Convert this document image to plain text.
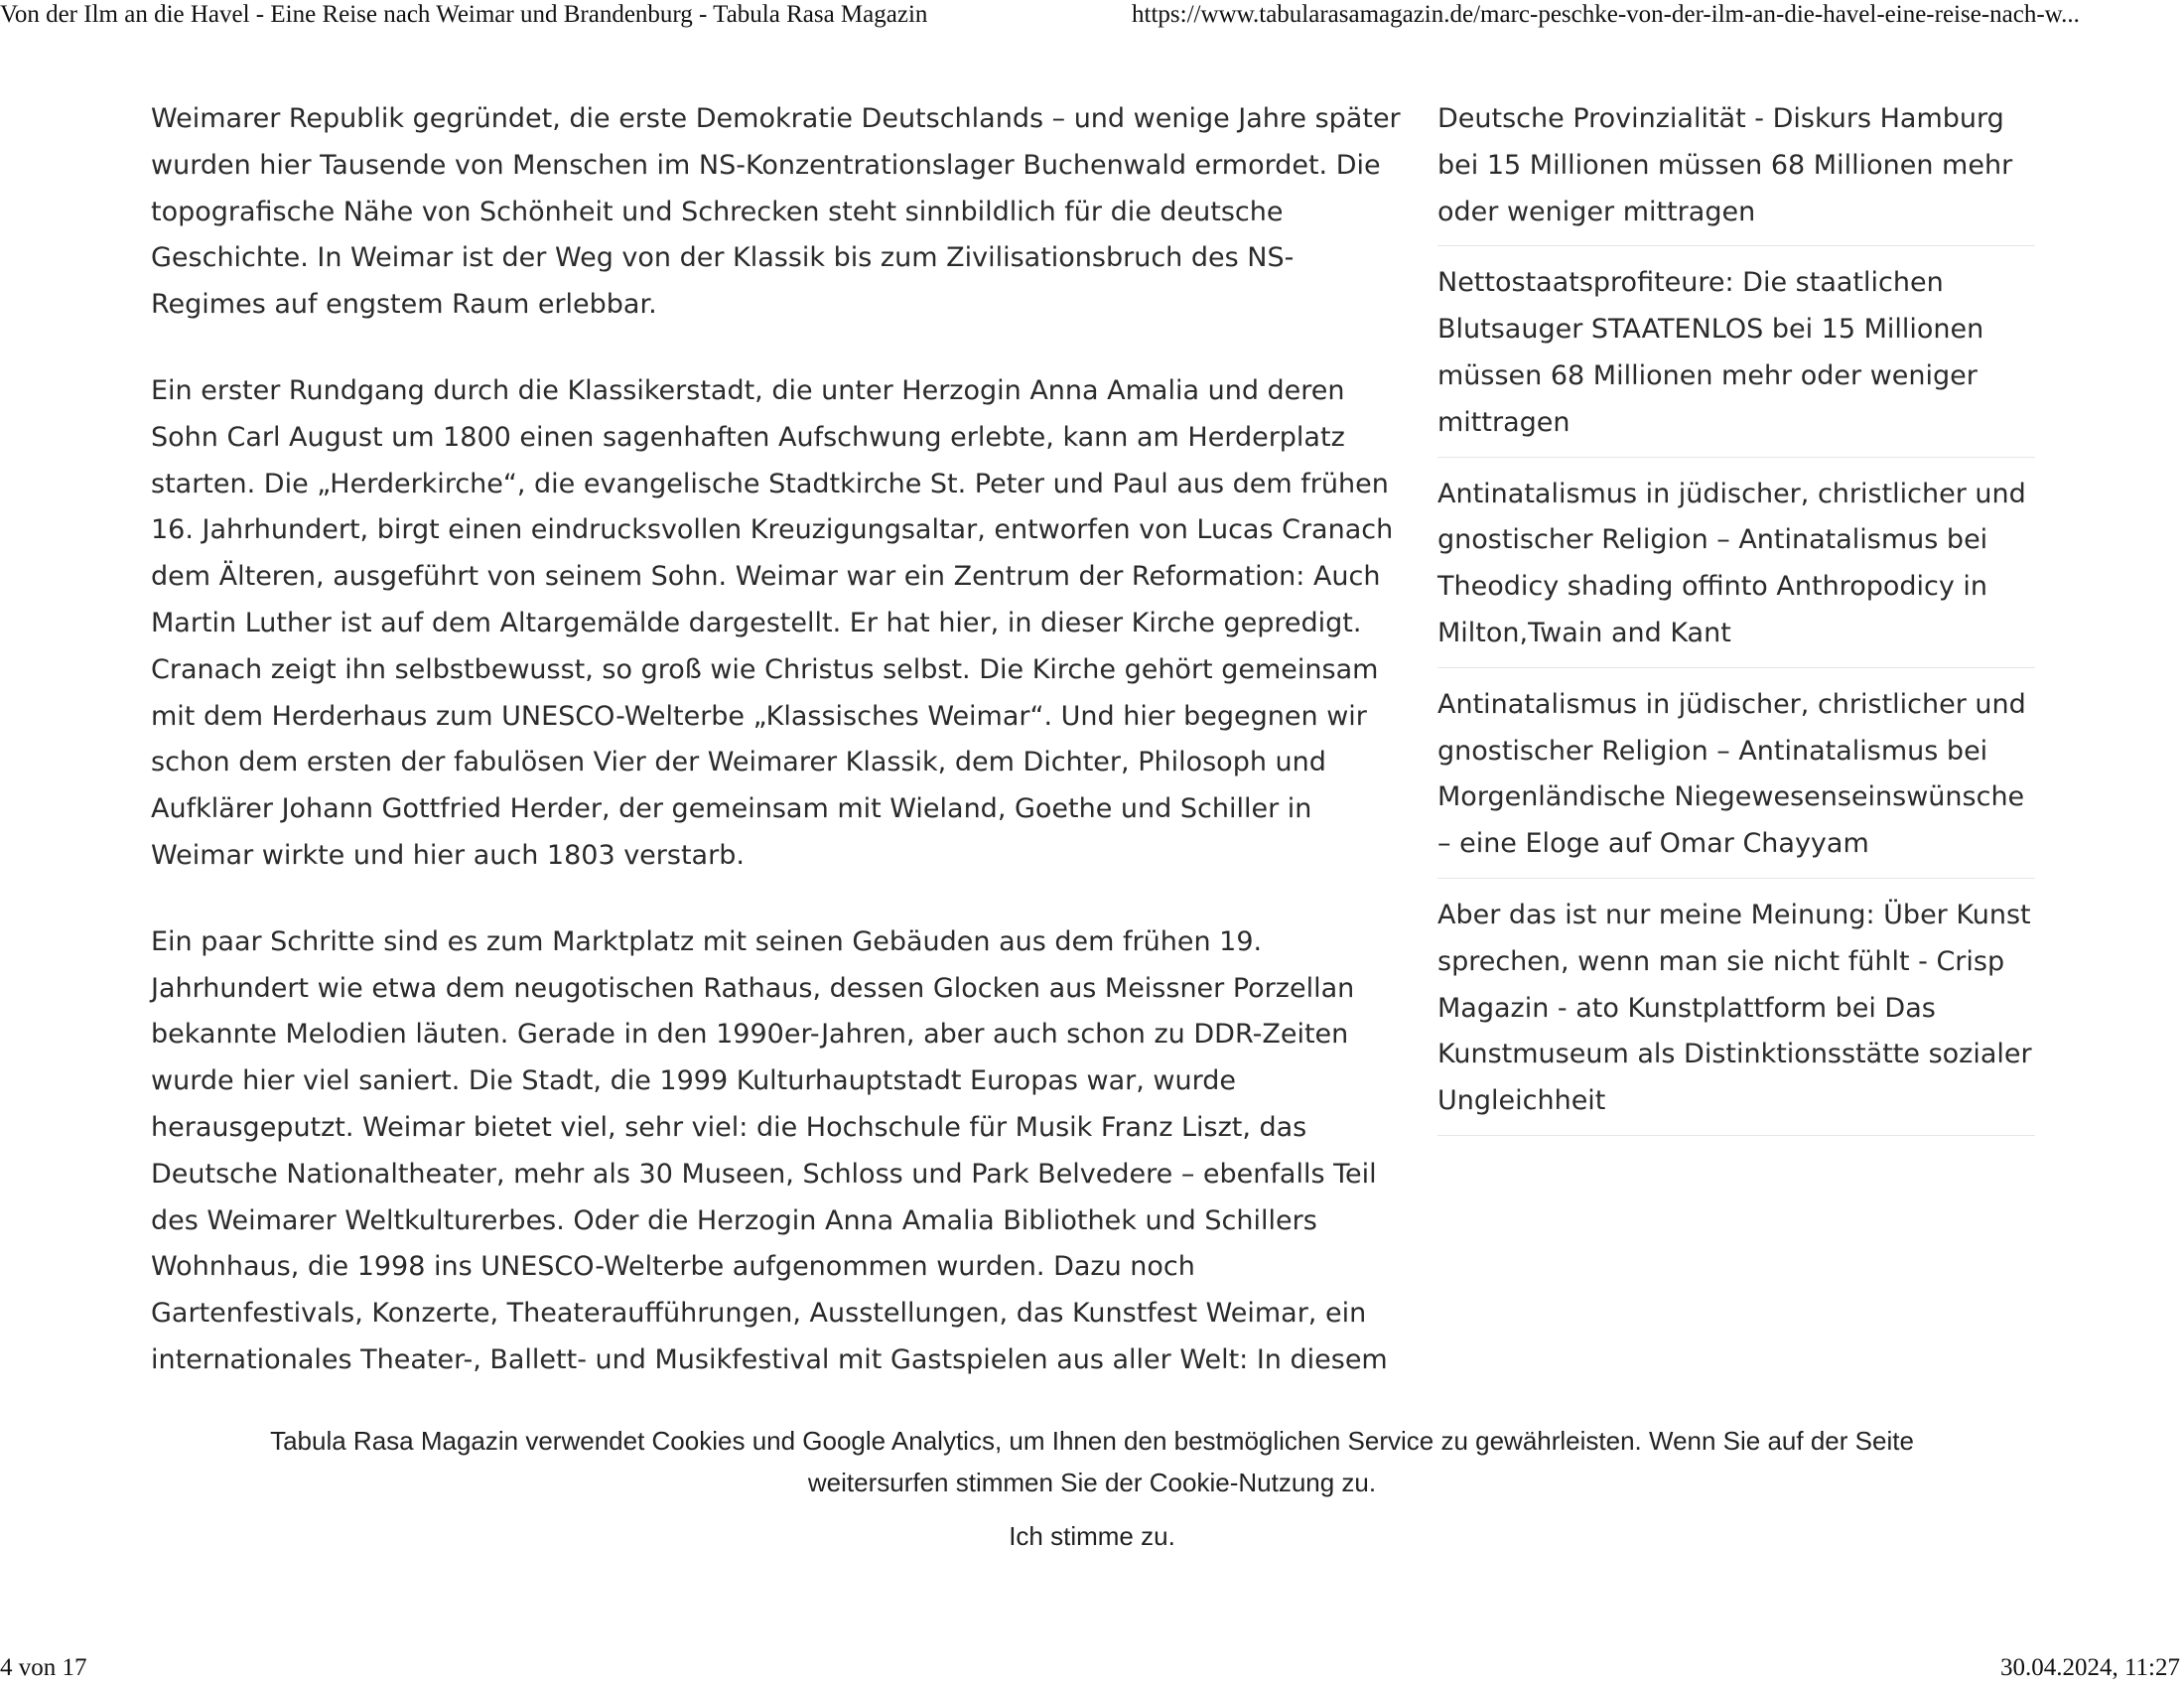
Von der Ilm an die Havel - Eine Reise nach Weimar und Brandenburg - Tabula Rasa Magazin	https://www.tabularasamagazin.de/marc-peschke-von-der-ilm-an-die-havel-eine-reise-nach-w...

Weimarer Republik gegründet, die erste Demokratie Deutschlands – und wenige Jahre später wurden hier Tausende von Menschen im NS-Konzentrationslager Buchenwald ermordet. Die topografische Nähe von Schönheit und Schrecken steht sinnbildlich für die deutsche Geschichte. In Weimar ist der Weg von der Klassik bis zum Zivilisationsbruch des NS-Regimes auf engstem Raum erlebbar.

Ein erster Rundgang durch die Klassikerstadt, die unter Herzogin Anna Amalia und deren Sohn Carl August um 1800 einen sagenhaften Aufschwung erlebte, kann am Herderplatz starten. Die „Herderkirche“, die evangelische Stadtkirche St. Peter und Paul aus dem frühen 16. Jahrhundert, birgt einen eindrucksvollen Kreuzigungsaltar, entworfen von Lucas Cranach dem Älteren, ausgeführt von seinem Sohn. Weimar war ein Zentrum der Reformation: Auch Martin Luther ist auf dem Altargemälde dargestellt. Er hat hier, in dieser Kirche gepredigt. Cranach zeigt ihn selbstbewusst, so groß wie Christus selbst. Die Kirche gehört gemeinsam mit dem Herderhaus zum UNESCO-Welterbe „Klassisches Weimar“. Und hier begegnen wir schon dem ersten der fabulösen Vier der Weimarer Klassik, dem Dichter, Philosoph und Aufklärer Johann Gottfried Herder, der gemeinsam mit Wieland, Goethe und Schiller in Weimar wirkte und hier auch 1803 verstarb.

Ein paar Schritte sind es zum Marktplatz mit seinen Gebäuden aus dem frühen 19. Jahrhundert wie etwa dem neugotischen Rathaus, dessen Glocken aus Meissner Porzellan bekannte Melodien läuten. Gerade in den 1990er-Jahren, aber auch schon zu DDR-Zeiten wurde hier viel saniert. Die Stadt, die 1999 Kulturhauptstadt Europas war, wurde herausgeputzt. Weimar bietet viel, sehr viel: die Hochschule für Musik Franz Liszt, das Deutsche Nationaltheater, mehr als 30 Museen, Schloss und Park Belvedere – ebenfalls Teil des Weimarer Weltkulturerbes. Oder die Herzogin Anna Amalia Bibliothek und Schillers Wohnhaus, die 1998 ins UNESCO-Welterbe aufgenommen wurden. Dazu noch Gartenfestivals, Konzerte, Theateraufführungen, Ausstellungen, das Kunstfest Weimar, ein internationales Theater-, Ballett- und Musikfestival mit Gastspielen aus aller Welt: In diesem

Deutsche Provinzialität - Diskurs Hamburg bei 15 Millionen müssen 68 Millionen mehr oder weniger mittragen
Nettostaatsprofiteure: Die staatlichen Blutsauger STAATENLOS bei 15 Millionen müssen 68 Millionen mehr oder weniger mittragen
Antinatalismus in jüdischer, christlicher und gnostischer Religion – Antinatalismus bei Theodicy shading offinto Anthropodicy in Milton,Twain and Kant
Antinatalismus in jüdischer, christlicher und gnostischer Religion – Antinatalismus bei Morgenländische Niegewesenseinswünsche – eine Eloge auf Omar Chayyam
Aber das ist nur meine Meinung: Über Kunst sprechen, wenn man sie nicht fühlt - Crisp Magazin - ato Kunstplattform bei Das Kunstmuseum als Distinktionsstätte sozialer Ungleichheit
Tabula Rasa Magazin verwendet Cookies und Google Analytics, um Ihnen den bestmöglichen Service zu gewährleisten. Wenn Sie auf der Seite weitersurfen stimmen Sie der Cookie-Nutzung zu.
Ich stimme zu.
4 von 17	30.04.2024, 11:27
